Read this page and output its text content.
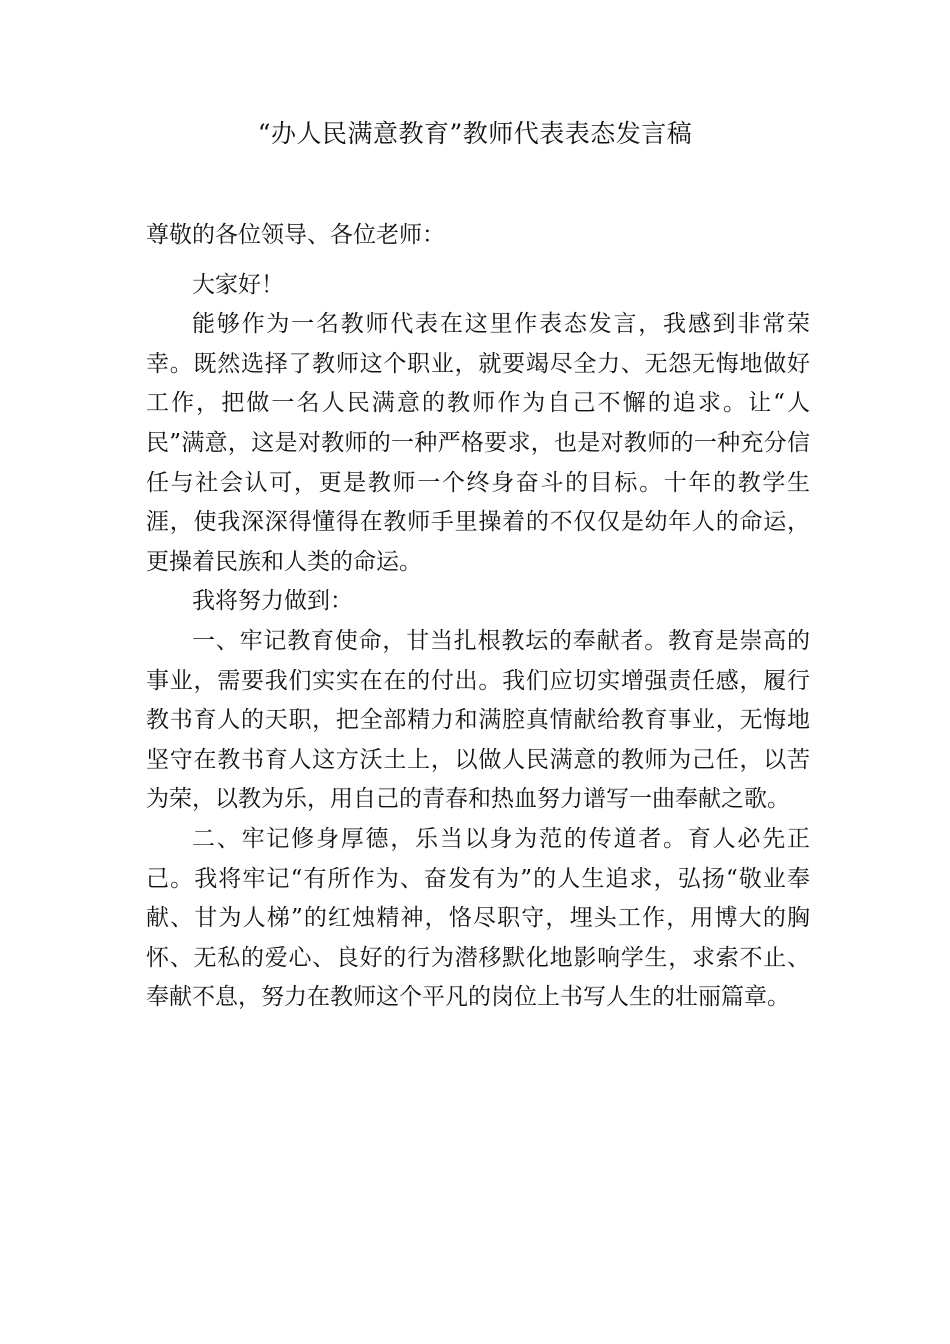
“办人民满意教育”教师代表表态发言稿

尊敬的各位领导、各位老师：

大家好！

能够作为一名教师代表在这里作表态发言，我感到非常荣幸。既然选择了教师这个职业，就要竭尽全力、无怨无悔地做好工作，把做一名人民满意的教师作为自己不懈的追求。让“人民”满意，这是对教师的一种严格要求，也是对教师的一种充分信任与社会认可，更是教师一个终身奋斗的目标。十年的教学生涯，使我深深得懂得在教师手里操着的不仅仅是幼年人的命运，更操着民族和人类的命运。

我将努力做到：

一、牢记教育使命，甘当扎根教坛的奉献者。教育是崇高的事业，需要我们实实在在的付出。我们应切实增强责任感，履行教书育人的天职，把全部精力和满腔真情献给教育事业，无悔地坚守在教书育人这方沃土上，以做人民满意的教师为己任，以苦为荣，以教为乐，用自己的青春和热血努力谱写一曲奉献之歌。

二、牢记修身厚德，乐当以身为范的传道者。育人必先正己。我将牢记“有所作为、奋发有为”的人生追求，弘扬“敬业奉献、甘为人梯”的红烛精神，恪尽职守，埋头工作，用博大的胸怀、无私的爱心、良好的行为潜移默化地影响学生，求索不止、奉献不息，努力在教师这个平凡的岗位上书写人生的壮丽篇章。
